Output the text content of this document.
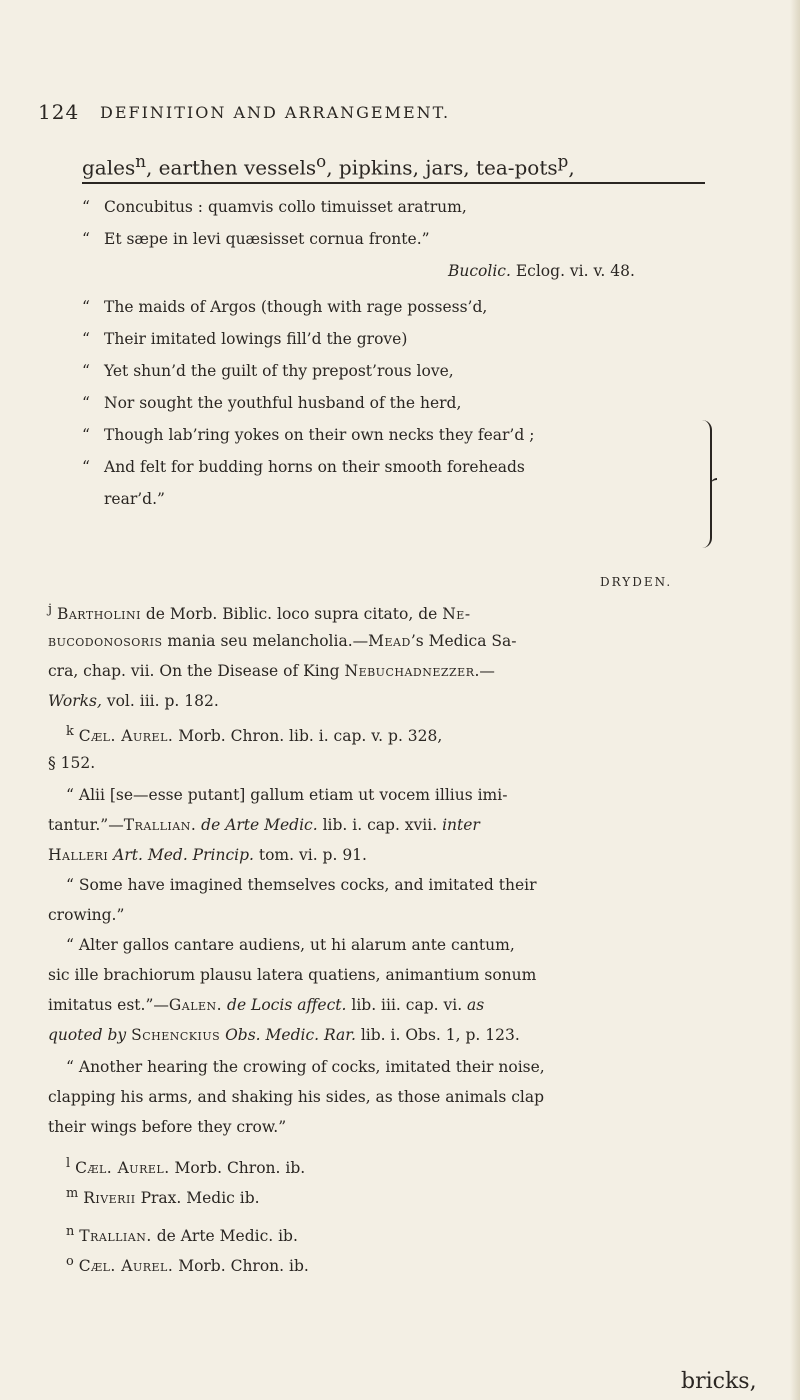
124 DEFINITION AND ARRANGEMENT.
gales$^n$, earthen vessels$^o$, pipkins, jars, tea-pots$^p$,
“ Concubitus : quamvis collo timuisset aratrum,
“ Et sæpe in levi quæsisset cornua fronte.”
Bucolic. Eclog. vi. v. 48.
“ The maids of Argos (though with rage possess’d,
“ Their imitated lowings fill’d the grove)
“ Yet shun’d the guilt of thy prepost’rous love,
“ Nor sought the youthful husband of the herd,
“ Though lab’ring yokes on their own necks they fear’d ;
“ And felt for budding horns on their smooth foreheads
rear’d.”
DRYDEN.
$^j$ Bartholini de Morb. Biblic. loco supra citato, de Ne-
bucodonosoris mania seu melancholia.—Mead’s Medica Sa-
cra, chap. vii. On the Disease of King Nebuchadnezzer.—
Works, vol. iii. p. 182.
$^k$ Cæl. Aurel. Morb. Chron. lib. i. cap. v. p. 328,
§ 152.
“ Alii [se—esse putant] gallum etiam ut vocem illius imi-
tantur.”—Trallian. de Arte Medic. lib. i. cap. xvii. inter
Halleri Art. Med. Princip. tom. vi. p. 91.
“ Some have imagined themselves cocks, and imitated their
crowing.”
“ Alter gallos cantare audiens, ut hi alarum ante cantum,
sic ille brachiorum plausu latera quatiens, animantium sonum
imitatus est.”—Galen. de Locis affect. lib. iii. cap. vi. as
quoted by Schenckius Obs. Medic. Rar. lib. i. Obs. 1, p. 123.
“ Another hearing the crowing of cocks, imitated their noise,
clapping his arms, and shaking his sides, as those animals clap
their wings before they crow.”
$^l$ Cæl. Aurel. Morb. Chron. ib.
$^m$ Riverii Prax. Medic ib.
$^n$ Trallian. de Arte Medic. ib.
$^o$ Cæl. Aurel. Morb. Chron. ib.
bricks,
